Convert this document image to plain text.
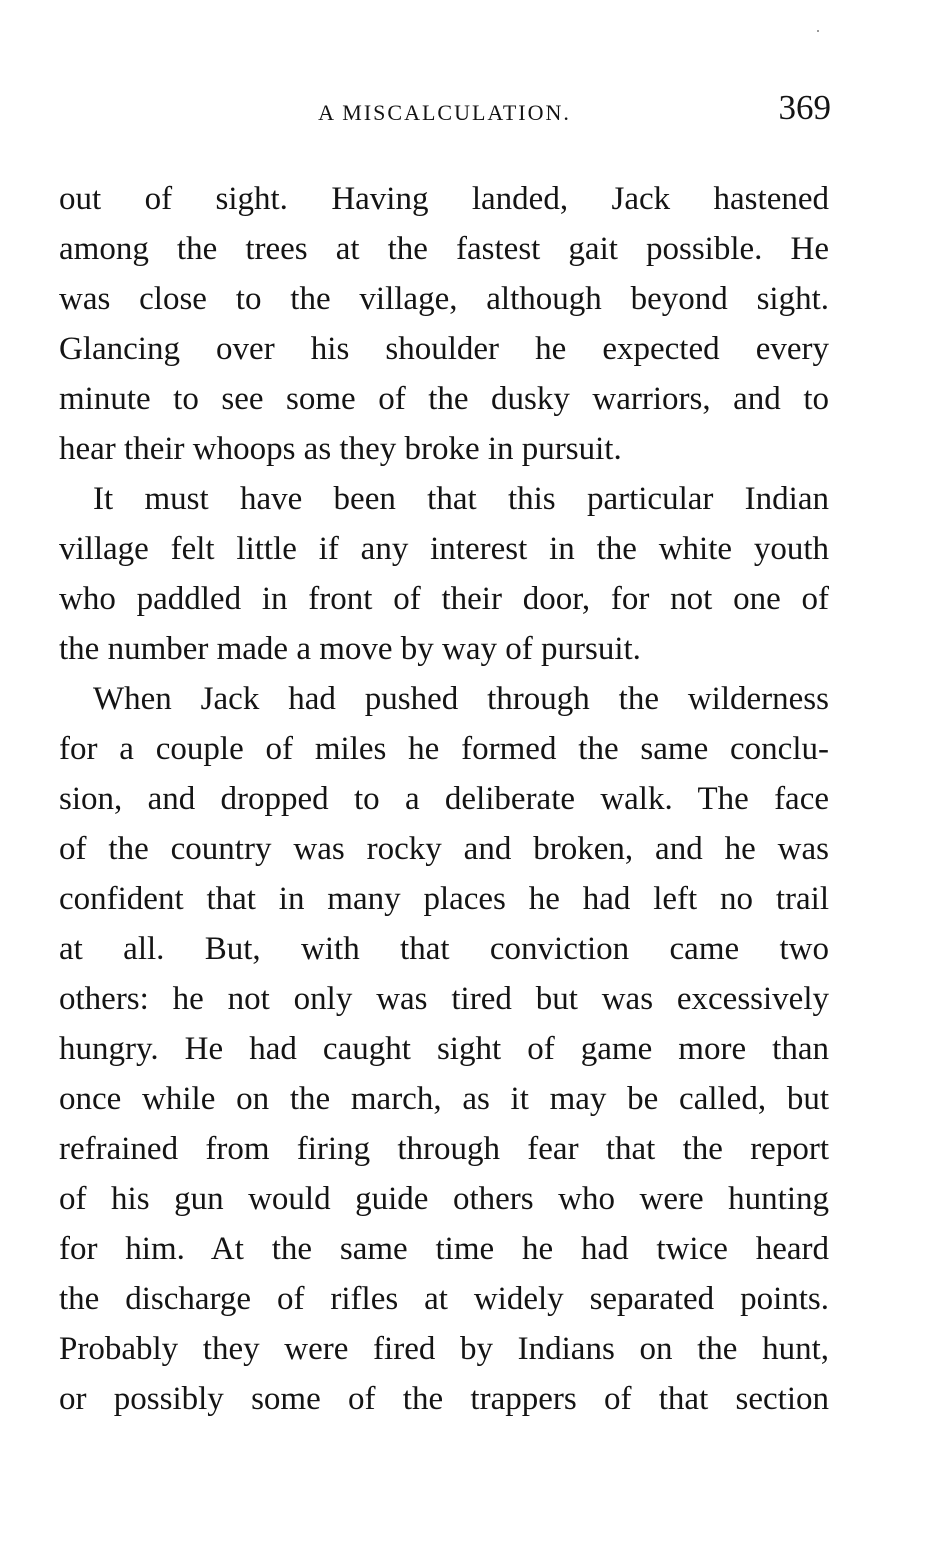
A MISCALCULATION.	369
out of sight. Having landed, Jack hastened
among the trees at the fastest gait possible. He
was close to the village, although beyond sight.
Glancing over his shoulder he expected every
minute to see some of the dusky warriors, and to
hear their whoops as they broke in pursuit.
It must have been that this particular Indian
village felt little if any interest in the white youth
who paddled in front of their door, for not one of
the number made a move by way of pursuit.
When Jack had pushed through the wilderness
for a couple of miles he formed the same conclu-
sion, and dropped to a deliberate walk. The face
of the country was rocky and broken, and he was
confident that in many places he had left no trail
at all. But, with that conviction came two
others: he not only was tired but was excessively
hungry. He had caught sight of game more than
once while on the march, as it may be called, but
refrained from firing through fear that the report
of his gun would guide others who were hunting
for him. At the same time he had twice heard
the discharge of rifles at widely separated points.
Probably they were fired by Indians on the hunt,
or possibly some of the trappers of that section
